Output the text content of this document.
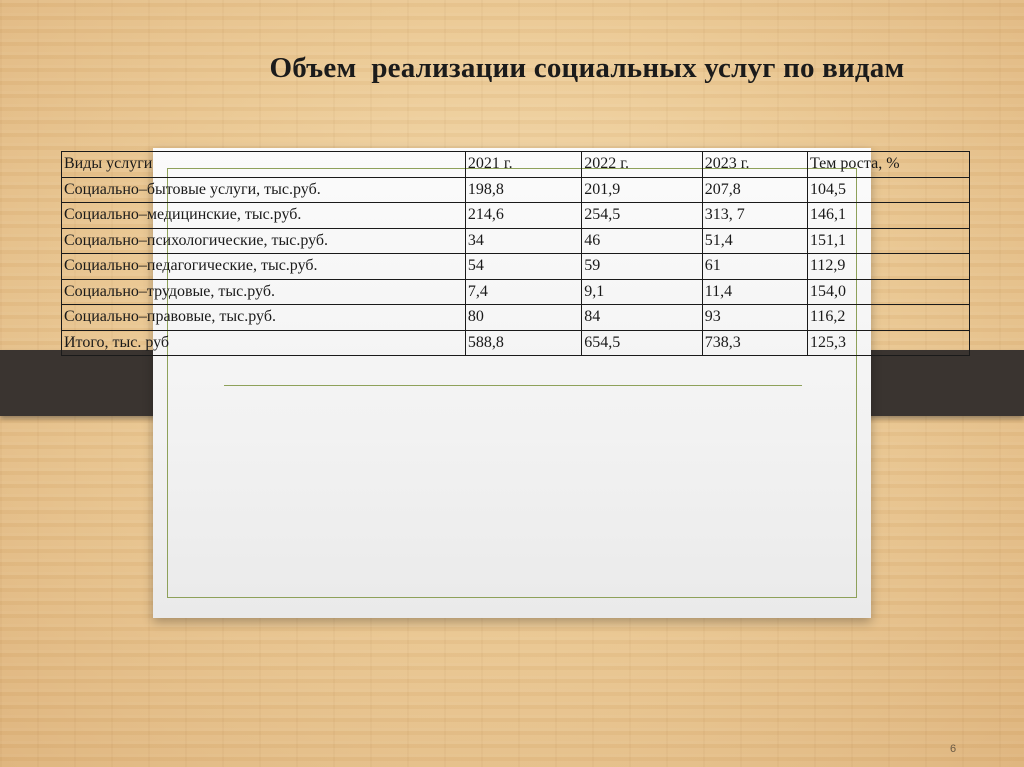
Объем  реализации социальных услуг по видам
Виды услуги	2021 г.	2022 г.	2023 г.	Тем роста, %
Социально–бытовые услуги, тыс.руб.	198,8	201,9	207,8	104,5
Социально–медицинские, тыс.руб.	214,6	254,5	313, 7	146,1
Социально–психологические, тыс.руб.	34	46	51,4	151,1
Социально–педагогические, тыс.руб.	54	59	61	112,9
Социально–трудовые, тыс.руб.	7,4	9,1	11,4	154,0
Социально–правовые, тыс.руб.	80	84	93	116,2
Итого, тыс. руб	588,8	654,5	738,3	125,3
6
